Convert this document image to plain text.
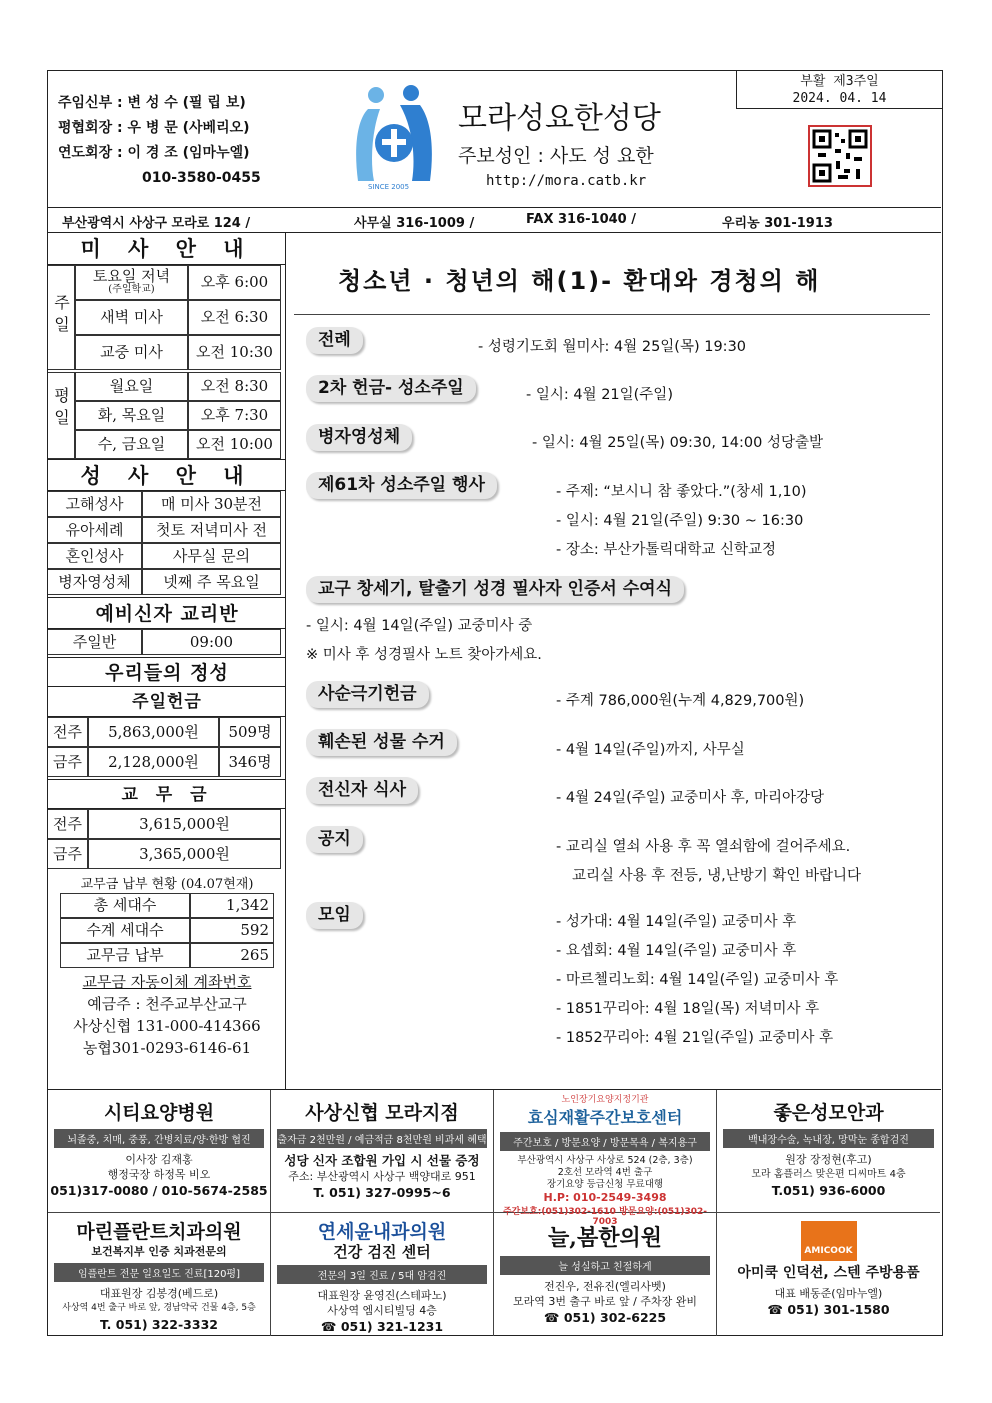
주임신부 : 변 성 수 (필 립 보)
평협회장 : 우 병 문 (사베리오)
연도회장 : 이 경 조 (임마누엘)
010-3580-0455
SINCE 2005
모라성요한성당
주보성인 : 사도 성 요한
http://mora.catb.kr
부활 제3주일
2024. 04. 14
부산광역시 사상구 모라로 124 /	사무실 316-1009 /	FAX 316-1040 /	우리농 301-1913
미 사 안 내
주일
토요일 저녁
(주일학교)	오후 6:00
새벽 미사	오전 6:30
교중 미사	오전 10:30
평일
월요일	오전 8:30
화, 목요일	오후 7:30
수, 금요일	오전 10:00
성 사 안 내
고해성사	매 미사 30분전
유아세례	첫토 저녁미사 전
혼인성사	사무실 문의
병자영성체	넷째 주 목요일
예비신자 교리반
주일반	09:00
우리들의 정성
주일헌금
전주	5,863,000원	509명
금주	2,128,000원	346명
교 무 금
전주	3,615,000원
금주	3,365,000원
교무금 납부 현황 (04.07현재)
총 세대수	1,342
수계 세대수	592
교무금 납부	265
교무금 자동이체 계좌번호
예금주 : 천주교부산교구
사상신협 131-000-414366
농협301-0293-6146-61
청소년 · 청년의 해(1)- 환대와 경청의 해
전례	- 성령기도회 월미사: 4월 25일(목) 19:30
2차 헌금- 성소주일	- 일시: 4월 21일(주일)
병자영성체	- 일시: 4월 25일(목) 09:30, 14:00 성당출발
제61차 성소주일 행사	- 주제: “보시니 참 좋았다.”(창세 1,10)
- 일시: 4월 21일(주일) 9:30 ~ 16:30
- 장소: 부산가톨릭대학교 신학교정
교구 창세기, 탈출기 성경 필사자 인증서 수여식
- 일시: 4월 14일(주일) 교중미사 중
※ 미사 후 성경필사 노트 찾아가세요.
사순극기헌금	- 주계 786,000원(누계 4,829,700원)
훼손된 성물 수거	- 4월 14일(주일)까지, 사무실
전신자 식사	- 4월 24일(주일) 교중미사 후, 마리아강당
공지	- 교리실 열쇠 사용 후 꼭 열쇠함에 걸어주세요.
교리실 사용 후 전등, 냉,난방기 확인 바랍니다
모임	- 성가대: 4월 14일(주일) 교중미사 후
- 요셉회: 4월 14일(주일) 교중미사 후
- 마르첼리노회: 4월 14일(주일) 교중미사 후
- 1851꾸리아: 4월 18일(목) 저녁미사 후
- 1852꾸리아: 4월 21일(주일) 교중미사 후
시티요양병원
뇌졸중, 치매, 중풍, 간병치료/양·한방 협진
이사장 김재홍
행정국장 하정목 비오
051)317-0080 / 010-5674-2585
사상신협 모라지점
출자금 2천만원 / 예금적금 8천만원 비과세 혜택
성당 신자 조합원 가입 시 선물 증정
주소: 부산광역시 사상구 백양대로 951
T. 051) 327-0995~6
노인장기요양지정기관
효심재활주간보호센터
주간보호 / 방문요양 / 방문목욕 / 복지용구
부산광역시 사상구 사상로 524 (2층, 3층)
2호선 모라역 4번 출구
장기요양 등급신청 무료대행
H.P: 010-2549-3498
주간보호:(051)302-1610 방문요양:(051)302-7003
좋은성모안과
백내장수술, 녹내장, 망막눈 종합검진
원장 장정현(후고)
모라 홈플러스 맞은편 디씨마트 4층
T.051) 936-6000
마린플란트치과의원
보건복지부 인증 치과전문의
임플란트 전문 일요일도 진료[120평]
대표원장 김봉경(베드로)
사상역 4번 출구 바로 앞, 경남약국 건물 4층, 5층
T. 051) 322-3332
연세윤내과의원
건강 검진 센터
전문의 3일 진료 / 5대 암검진
대표원장 윤영진(스테파노)
사상역 엠시티빌딩 4층
☎ 051) 321-1231
늘,봄한의원
늘 성실하고 친절하게
전진우, 전유진(엘리사벳)
모라역 3번 출구 바로 앞 / 주차장 완비
☎ 051) 302-6225
AMICOOK
아미쿡 인덕션, 스텐 주방용품
대표 배동준(임마누엘)
☎ 051) 301-1580
